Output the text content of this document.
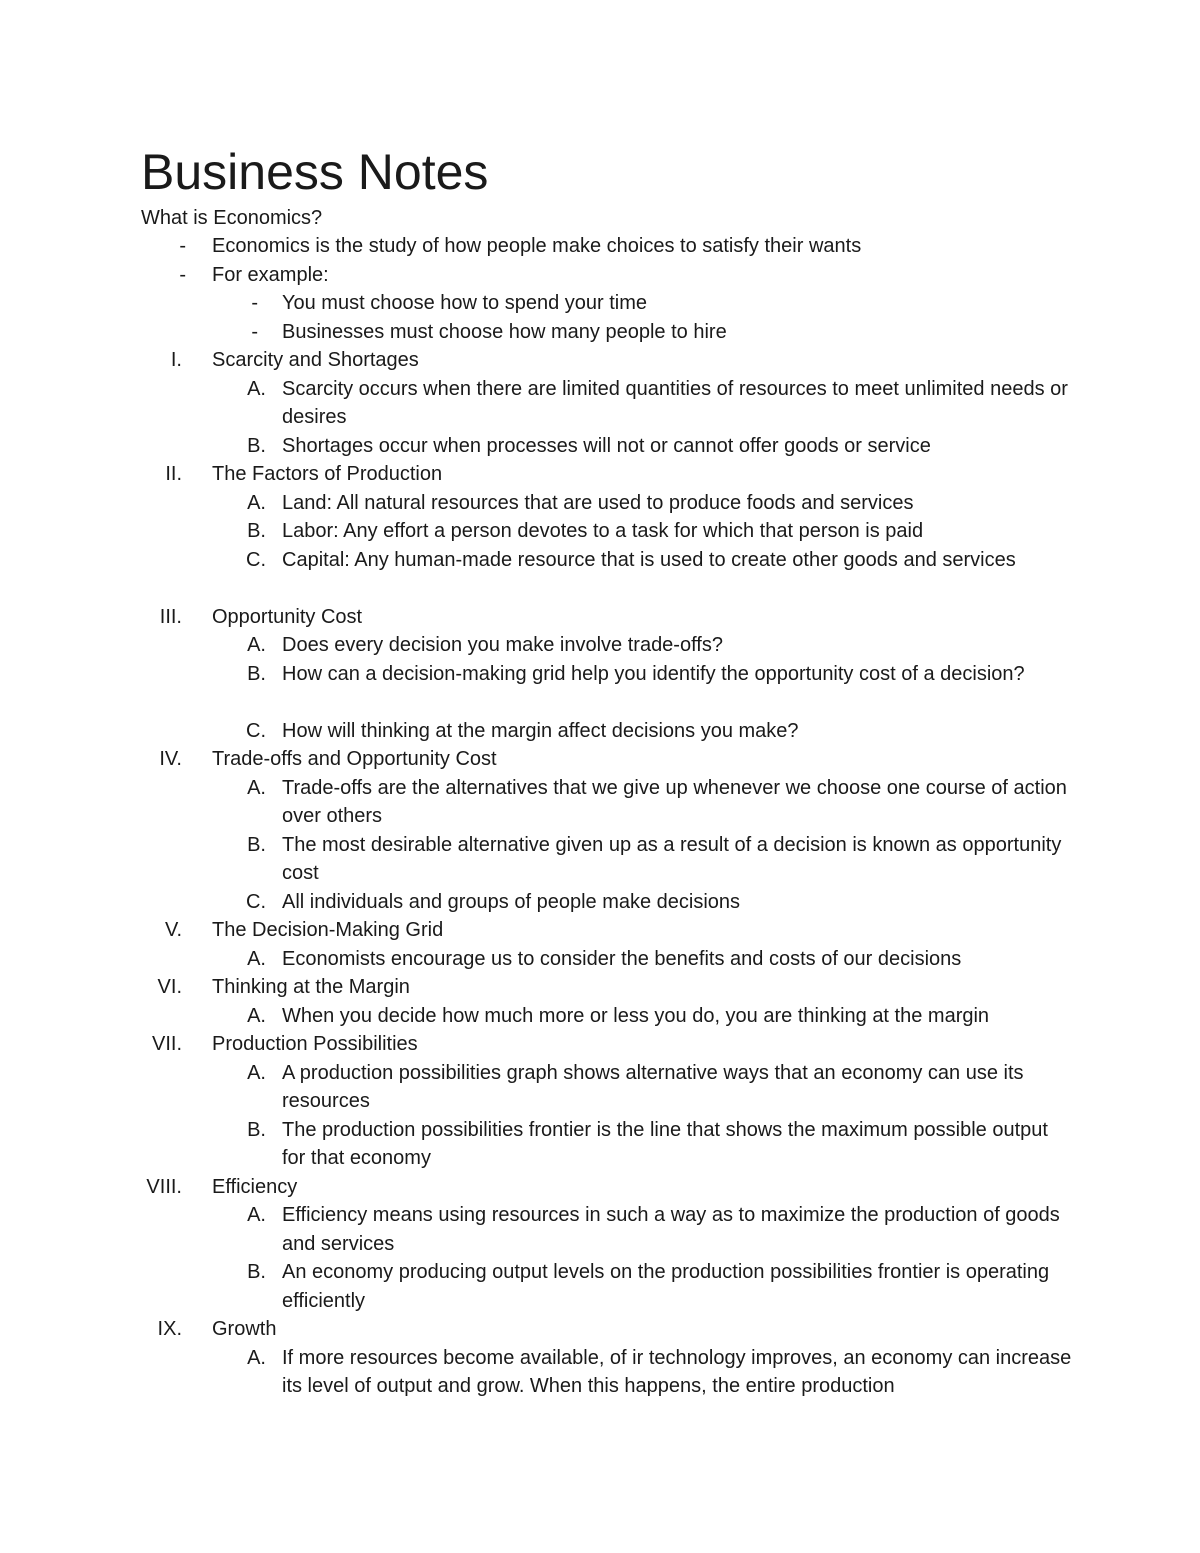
Business Notes
What is Economics?
- Economics is the study of how people make choices to satisfy their wants
- For example:
- You must choose how to spend your time
- Businesses must choose how many people to hire
I. Scarcity and Shortages
A. Scarcity occurs when there are limited quantities of resources to meet unlimited needs or desires
B. Shortages occur when processes will not or cannot offer goods or service
II. The Factors of Production
A. Land: All natural resources that are used to produce foods and services
B. Labor: Any effort a person devotes to a task for which that person is paid
C. Capital: Any human-made resource that is used to create other goods and services
III. Opportunity Cost
A. Does every decision you make involve trade-offs?
B. How can a decision-making grid help you identify the opportunity cost of a decision?
C. How will thinking at the margin affect decisions you make?
IV. Trade-offs and Opportunity Cost
A. Trade-offs are the alternatives that we give up whenever we choose one course of action over others
B. The most desirable alternative given up as a result of a decision is known as opportunity cost
C. All individuals and groups of people make decisions
V. The Decision-Making Grid
A. Economists encourage us to consider the benefits and costs of our decisions
VI. Thinking at the Margin
A. When you decide how much more or less you do, you are thinking at the margin
VII. Production Possibilities
A. A production possibilities graph shows alternative ways that an economy can use its resources
B. The production possibilities frontier is the line that shows the maximum possible output for that economy
VIII. Efficiency
A. Efficiency means using resources in such a way as to maximize the production of goods and services
B. An economy producing output levels on the production possibilities frontier is operating efficiently
IX. Growth
A. If more resources become available, of ir technology improves, an economy can increase its level of output and grow. When this happens, the entire production
